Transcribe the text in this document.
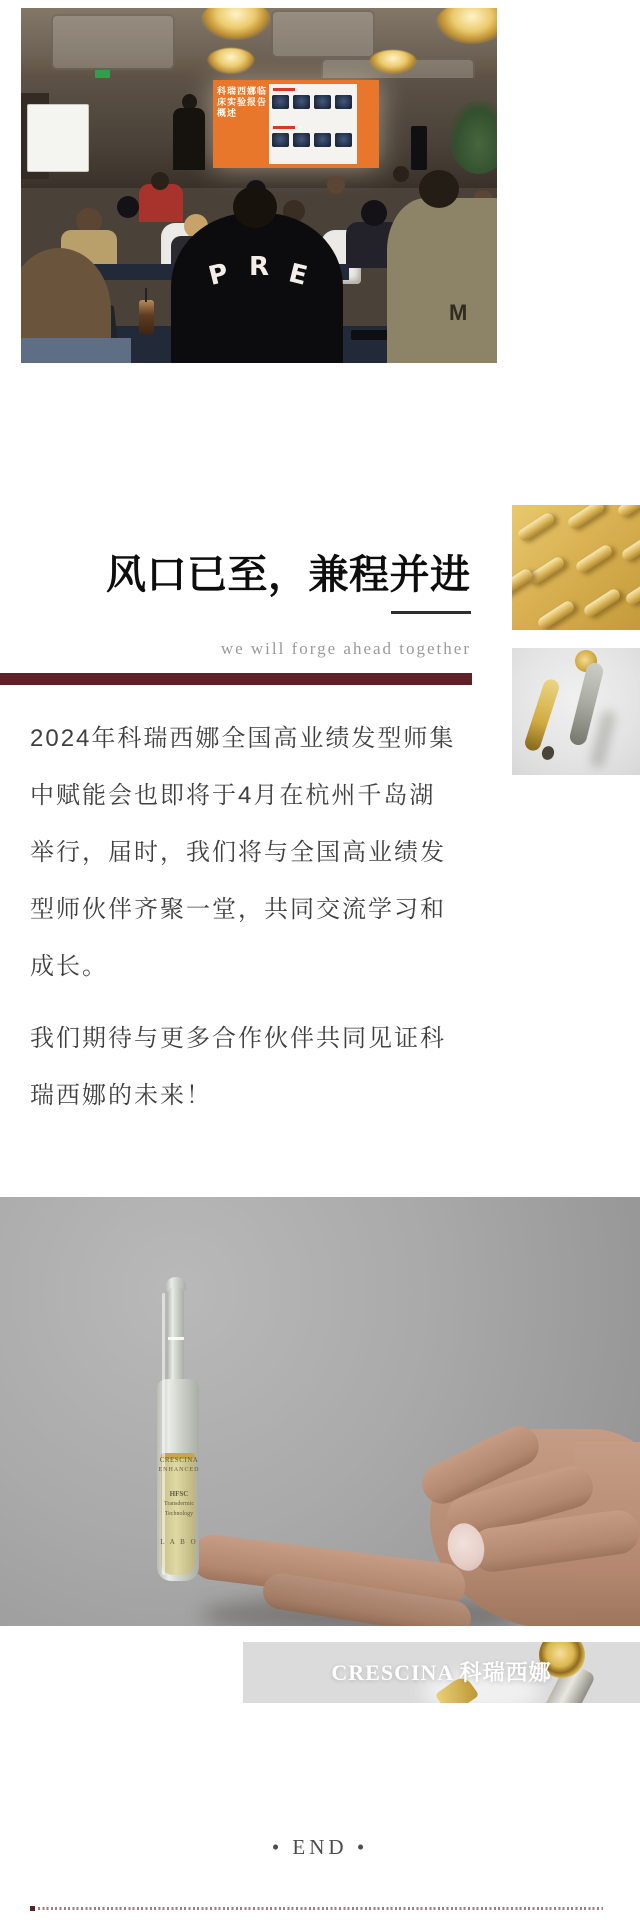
科瑞西娜临床实验报告概述
P R E
M
风口已至，兼程并进
we will forge ahead together
2024年科瑞西娜全国高业绩发型师集
中赋能会也即将于4月在杭州千岛湖
举行，届时，我们将与全国高业绩发
型师伙伴齐聚一堂，共同交流学习和
成长。
我们期待与更多合作伙伴共同见证科
瑞西娜的未来！
CRESCINA
ENHANCED
HFSC
Transdermic
Technology
L A B O
CRESCINA 科瑞西娜
• END •
